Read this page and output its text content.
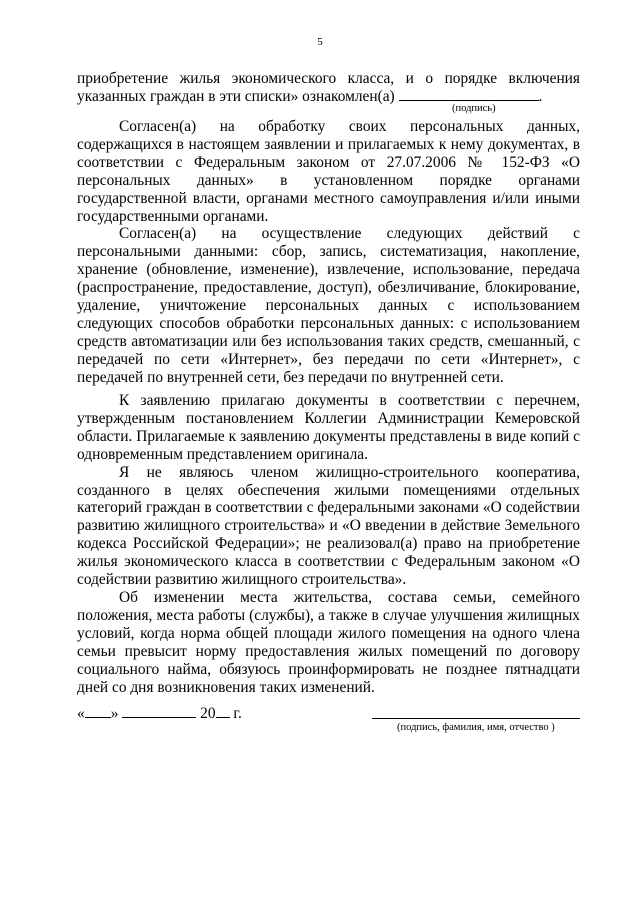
5

приобретение жилья экономического класса, и о порядке включения указанных граждан в эти списки» ознакомлен(а)	.

(подпись)

Согласен(а) на обработку своих персональных данных, содержащихся в настоящем заявлении и прилагаемых к нему документах, в соответствии с Федеральным законом от 27.07.2006 № 152-ФЗ «О персональных данных» в установленном порядке органами государственной власти, органами местного самоуправления и/или иными государственными органами.

Согласен(а) на осуществление следующих действий с персональными данными: сбор, запись, систематизация, накопление, хранение (обновление, изменение), извлечение, использование, передача (распространение, предоставление, доступ), обезличивание, блокирование, удаление, уничтожение персональных данных с использованием следующих способов обработки персональных данных: с использованием средств автоматизации или без использования таких средств, смешанный, с передачей по сети «Интернет», без передачи по сети «Интернет», с передачей по внутренней сети, без передачи по внутренней сети.

К заявлению прилагаю документы в соответствии с перечнем, утвержденным постановлением Коллегии Администрации Кемеровской области. Прилагаемые к заявлению документы представлены в виде копий с одновременным представлением оригинала.

Я не являюсь членом жилищно-строительного кооператива, созданного в целях обеспечения жилыми помещениями отдельных категорий граждан в соответствии с федеральными законами «О содействии развитию жилищного строительства» и «О введении в действие Земельного кодекса Российской Федерации»; не реализовал(а) право на приобретение жилья экономического класса в соответствии с Федеральным законом «О содействии развитию жилищного строительства».

Об изменении места жительства, состава семьи, семейного положения, места работы (службы), а также в случае улучшения жилищных условий, когда норма общей площади жилого помещения на одного члена семьи превысит норму предоставления жилых помещений по договору социального найма, обязуюсь проинформировать не позднее пятнадцати дней со дня возникновения таких изменений.

« »	20 г.
(подпись, фамилия, имя, отчество )
